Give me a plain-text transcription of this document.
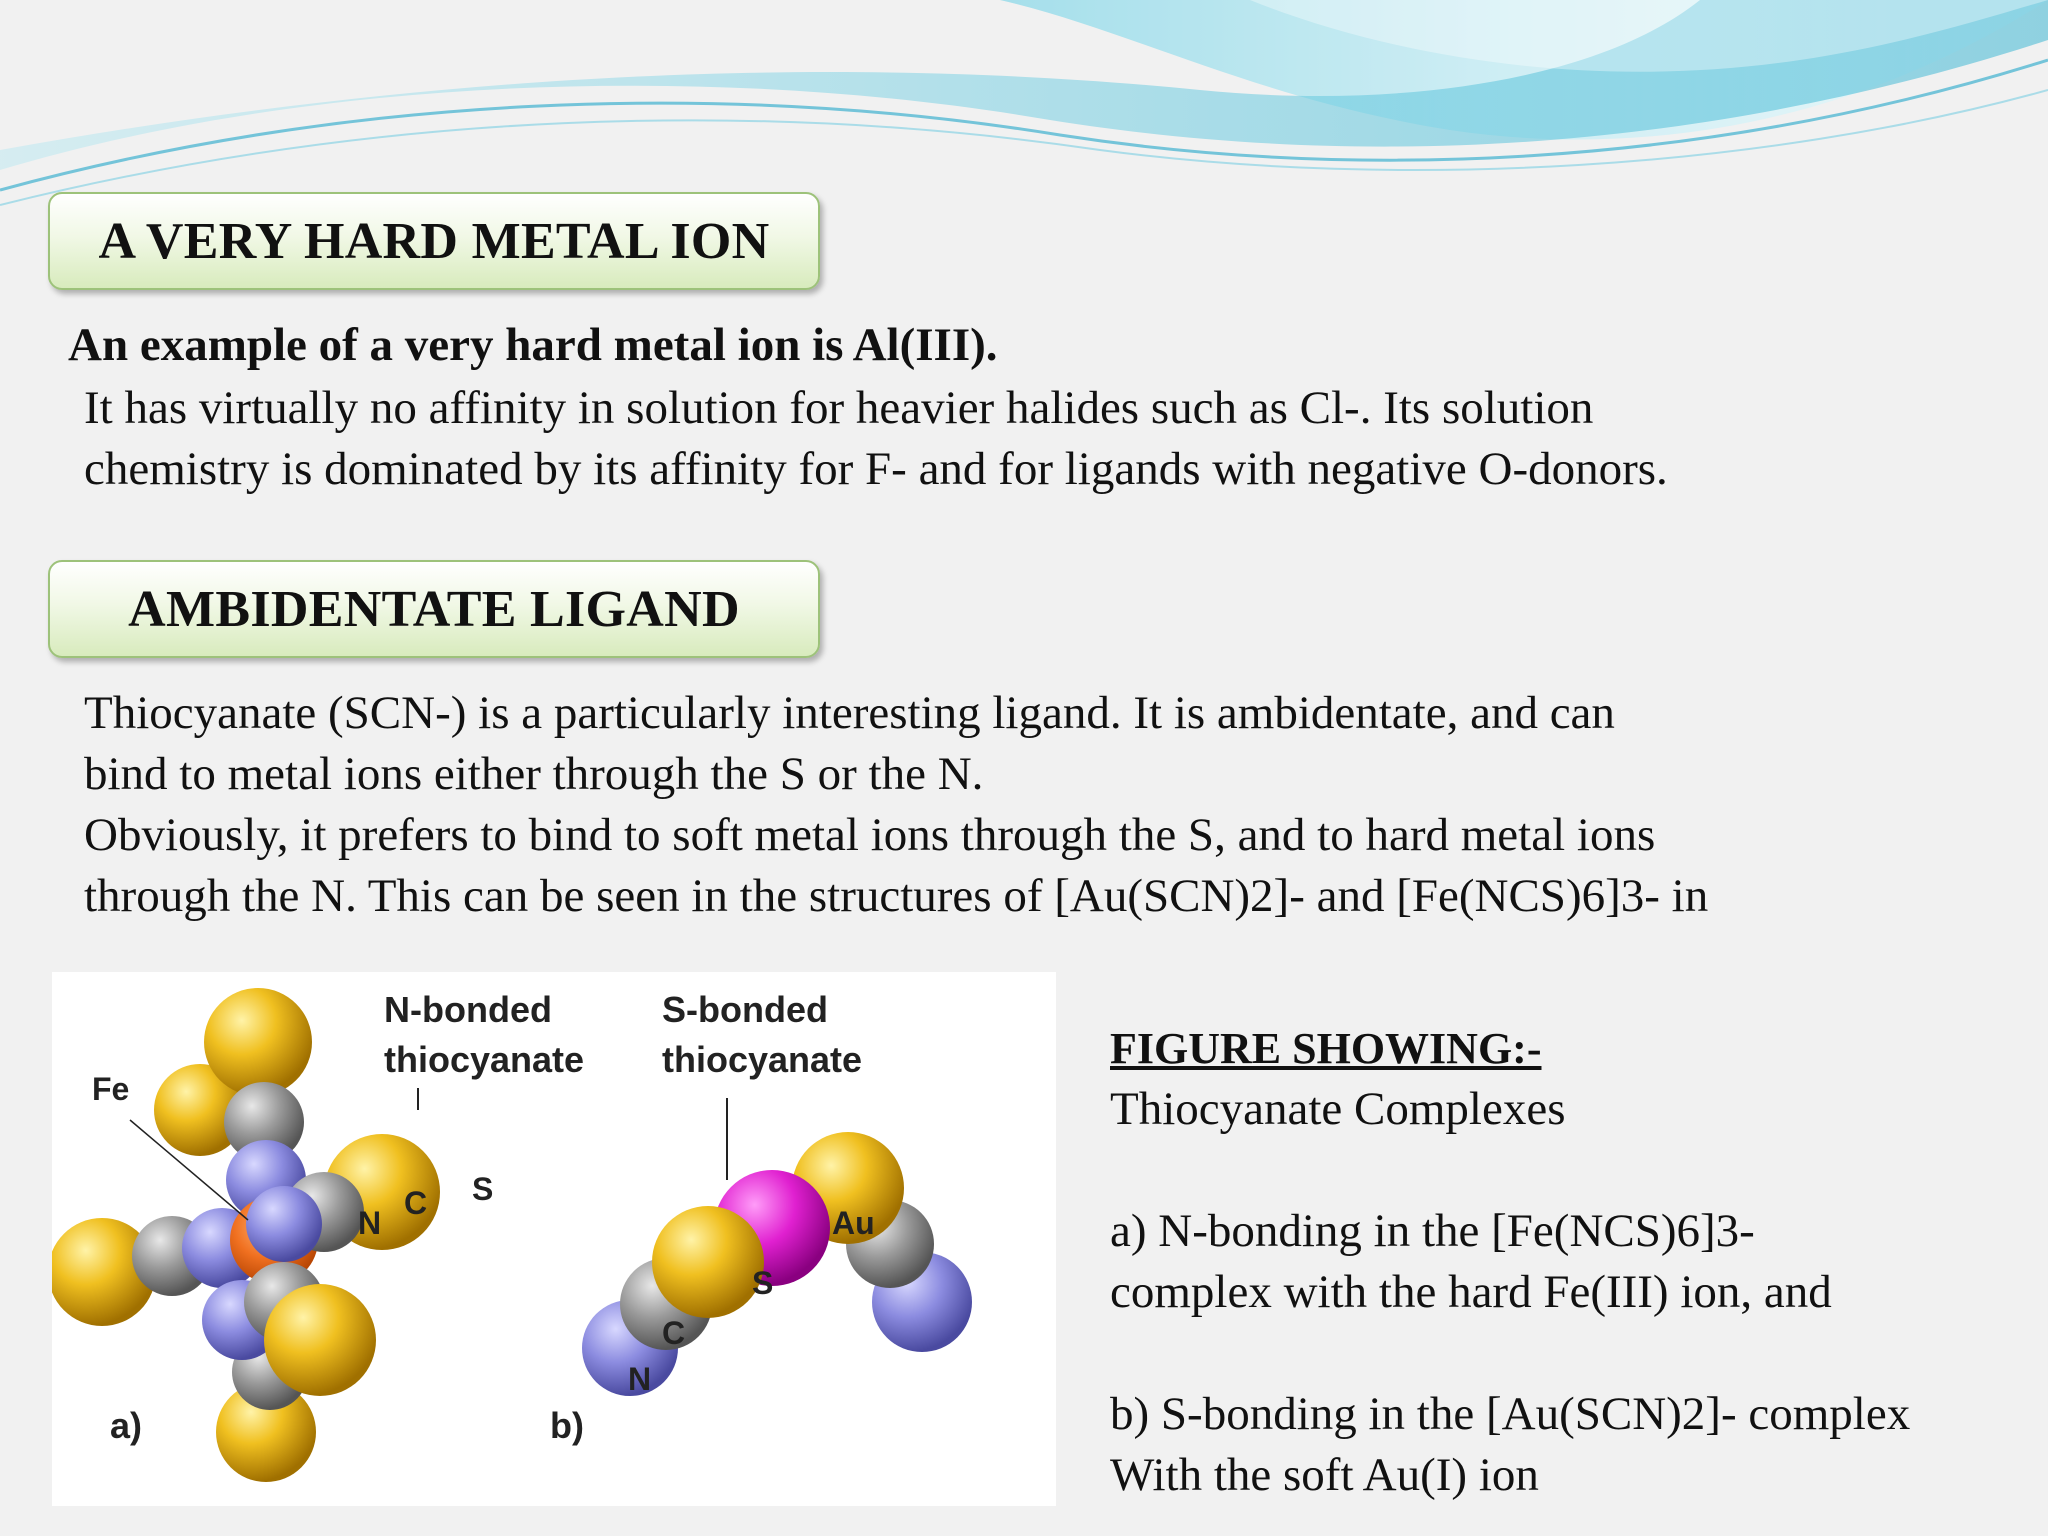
A VERY HARD METAL ION
An example of a very hard metal ion is Al(III).
It has virtually no affinity in solution for heavier halides such as Cl-. Its solution
chemistry is dominated by its affinity for F- and for ligands with negative O-donors.
AMBIDENTATE LIGAND
Thiocyanate (SCN-) is a particularly interesting ligand. It is ambidentate, and can
bind to metal ions either through the S or the N.
Obviously, it prefers to bind to soft metal ions through the S, and to hard metal ions
through the N. This can be seen in the structures of [Au(SCN)2]- and [Fe(NCS)6]3- in
Fe
N-bonded
thiocyanate
S-bonded
thiocyanate
N
C S
Au
S
C
N
a)	b)
FIGURE SHOWING:-
Thiocyanate Complexes
a) N-bonding in the [Fe(NCS)6]3-
complex with the hard Fe(III) ion, and
b) S-bonding in the [Au(SCN)2]- complex
With the soft Au(I) ion
